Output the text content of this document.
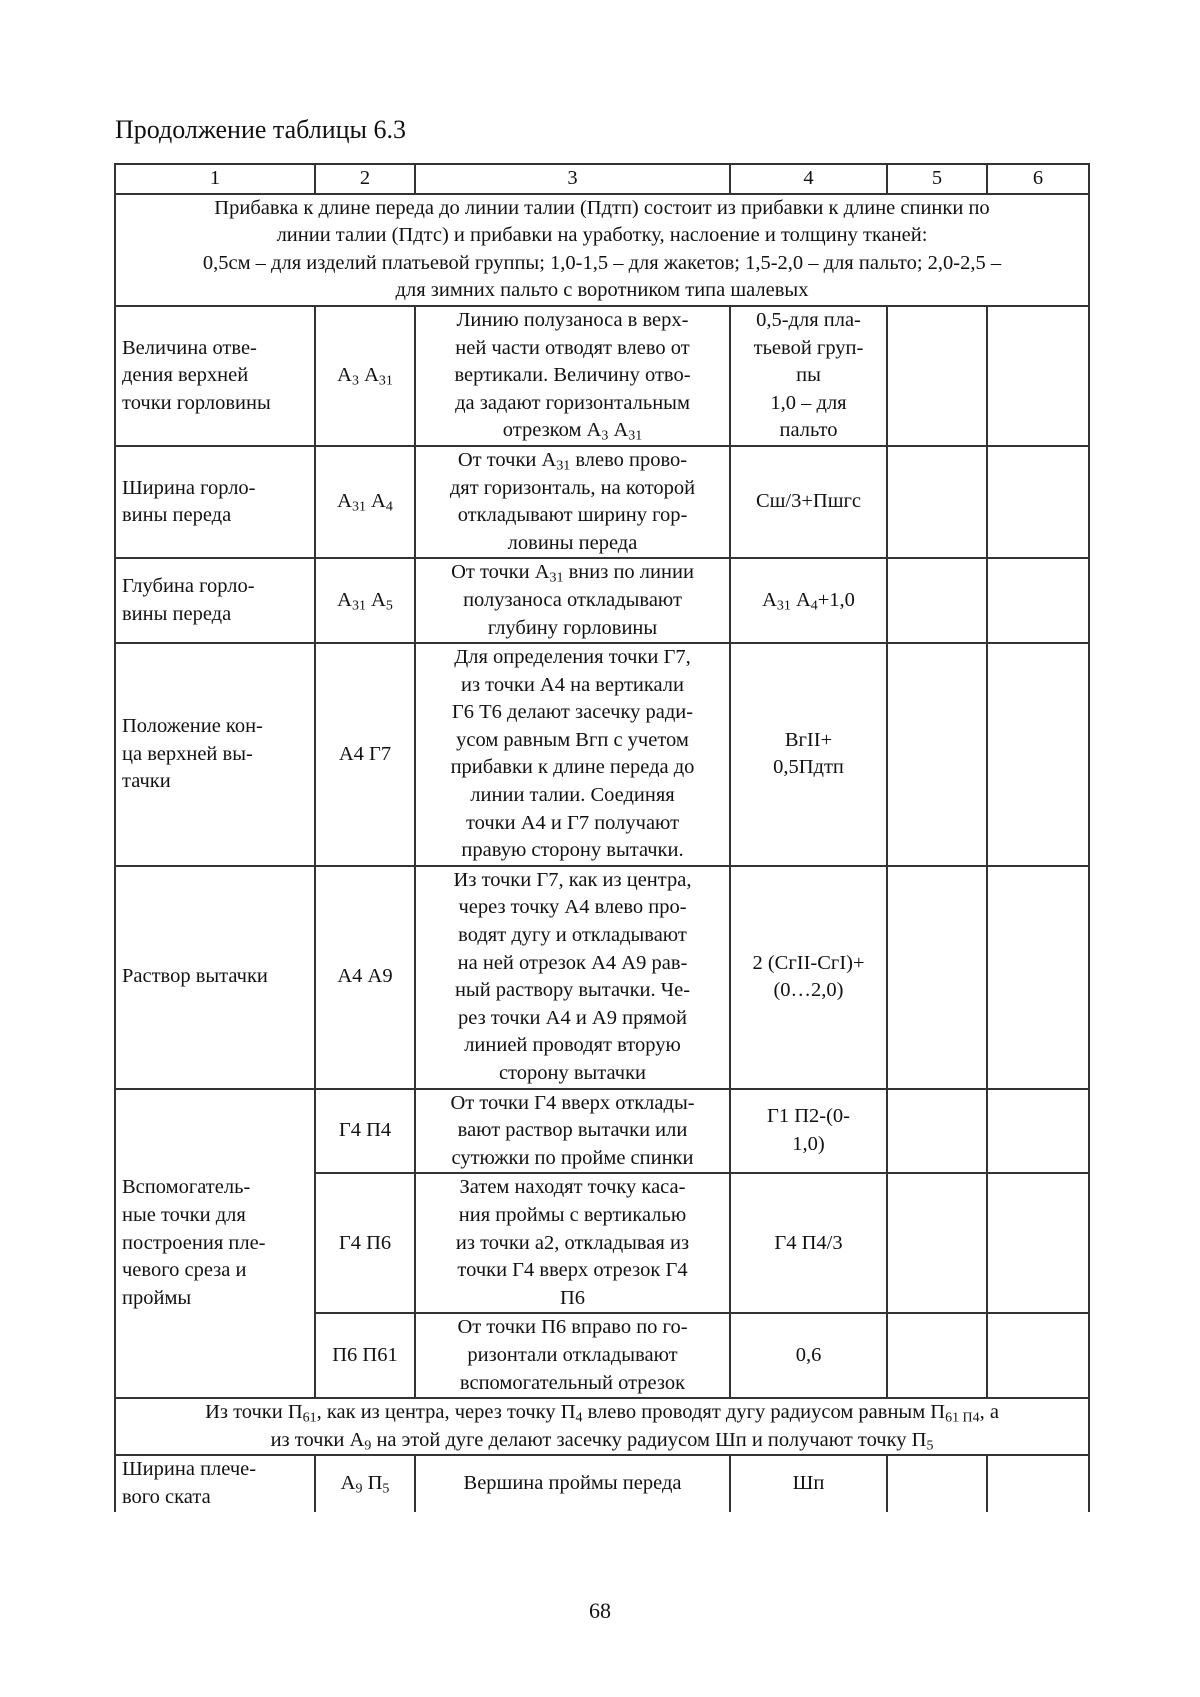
Продолжение таблицы 6.3
1	2	3	4	5	6

Прибавка к длине переда до линии талии (Пдтп) состоит из прибавки к длине спинки по
линии талии (Пдтс) и прибавки на уработку, наслоение и толщину тканей:
0,5см – для изделий платьевой группы; 1,0-1,5 – для жакетов; 1,5-2,0 – для пальто; 2,0-2,5 –
для зимних пальто с воротником типа шалевых					

Величина отве-
дения верхней
точки горловины	$А_3$ $А_{31}$	Линию полузаноса в верх-
ней части отводят влево от
вертикали. Величину отво-
да задают горизонтальным
отрезком $А_3$ $А_{31}$	0,5-для пла-
тьевой груп-
пы
1,0 – для
пальто		
Ширина горло-
вины переда	$А_{31}$ $А_4$	От точки $А_{31}$ влево прово-
дят горизонталь, на которой
откладывают ширину гор-
ловины переда	Сш/3+Пшгс		
Глубина горло-
вины переда	$А_{31}$ $А_5$	От точки $А_{31}$ вниз по линии
полузаноса откладывают
глубину горловины	$А_{31}$ $А_4+1,0$		
Положение кон-
ца верхней вы-
тачки	А4 Г7	Для определения точки Г7,
из точки А4 на вертикали
Г6 Т6 делают засечку ради-
усом равным Вгп с учетом
прибавки к длине переда до
линии талии. Соединяя
точки А4 и Г7 получают
правую сторону вытачки.	ВгII+
0,5Пдтп		
Раствор вытачки	А4 А9	Из точки Г7, как из центра,
через точку А4 влево про-
водят дугу и откладывают
на ней отрезок А4 А9 рав-
ный раствору вытачки. Че-
рез точки А4 и А9 прямой
линией проводят вторую
сторону вытачки	2 (СгII-СгI)+
(0…2,0)		
Вспомогатель-
ные точки для
построения пле-
чевого среза и
проймы	Г4 П4	От точки Г4 вверх отклады-
вают раствор вытачки или
сутюжки по пройме спинки	Г1 П2-(0-
1,0)		
	Г4 П6	Затем находят точку каса-
ния проймы с вертикалью
из точки а2, откладывая из
точки Г4 вверх отрезок Г4
П6	Г4 П4/3		
	П6 П61	От точки П6 вправо по го-
ризонтали откладывают
вспомогательный отрезок	0,6		
Из точки $П_{61}$, как из центра, через точку $П_4$ влево проводят дугу радиусом равным $П_{61 П4}$, а
из точки $А_9$ на этой дуге делают засечку радиусом Шп и получают точку $П_5$
Ширина плече-
вого ската	$А_9$ $П_5$	Вершина проймы переда	Шп		
68
